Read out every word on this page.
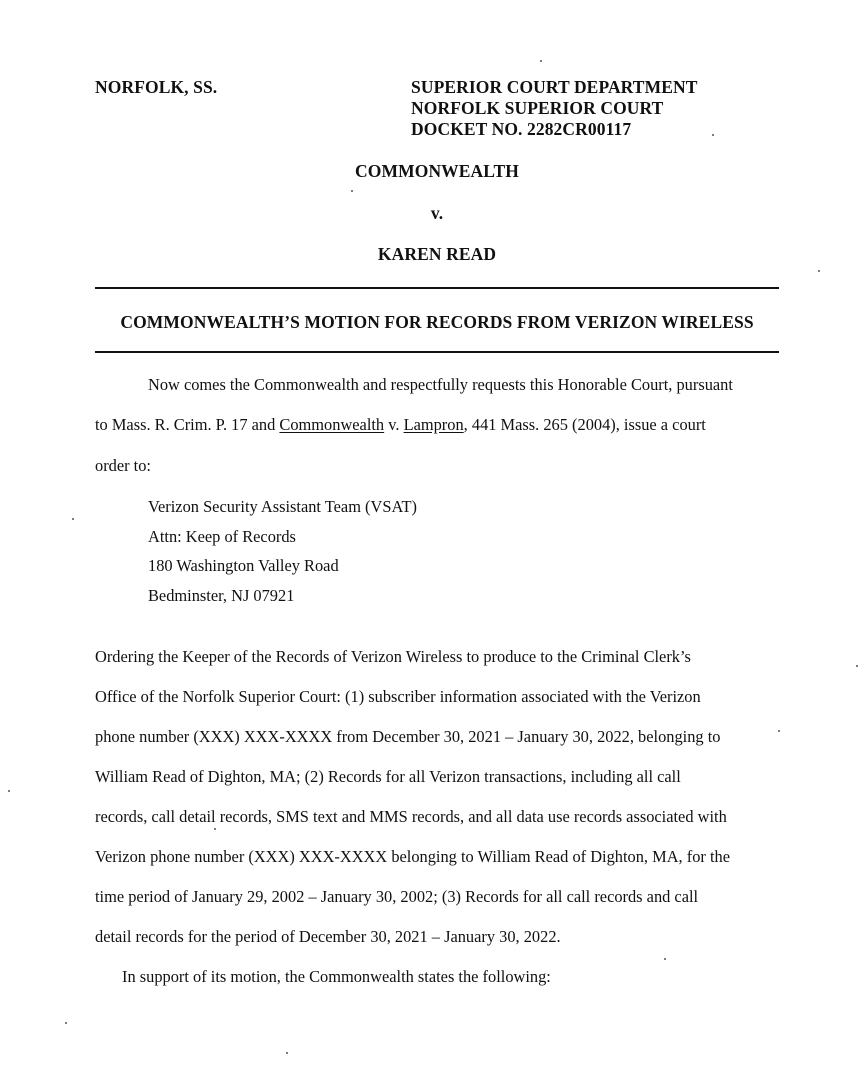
NORFOLK, SS.	SUPERIOR COURT DEPARTMENT
NORFOLK SUPERIOR COURT
DOCKET NO. 2282CR00117
COMMONWEALTH
v.
KAREN READ
COMMONWEALTH’S MOTION FOR RECORDS FROM VERIZON WIRELESS
Now comes the Commonwealth and respectfully requests this Honorable Court, pursuant
to Mass. R. Crim. P. 17 and Commonwealth v. Lampron, 441 Mass. 265 (2004), issue a court
order to:
Verizon Security Assistant Team (VSAT)
Attn: Keep of Records
180 Washington Valley Road
Bedminster, NJ 07921
Ordering the Keeper of the Records of Verizon Wireless to produce to the Criminal Clerk’s
Office of the Norfolk Superior Court: (1) subscriber information associated with the Verizon
phone number (XXX) XXX-XXXX from December 30, 2021 – January 30, 2022, belonging to
William Read of Dighton, MA; (2) Records for all Verizon transactions, including all call
records, call detail records, SMS text and MMS records, and all data use records associated with
Verizon phone number (XXX) XXX-XXXX belonging to William Read of Dighton, MA, for the
time period of January 29, 2002 – January 30, 2002; (3) Records for all call records and call
detail records for the period of December 30, 2021 – January 30, 2022.
In support of its motion, the Commonwealth states the following:
